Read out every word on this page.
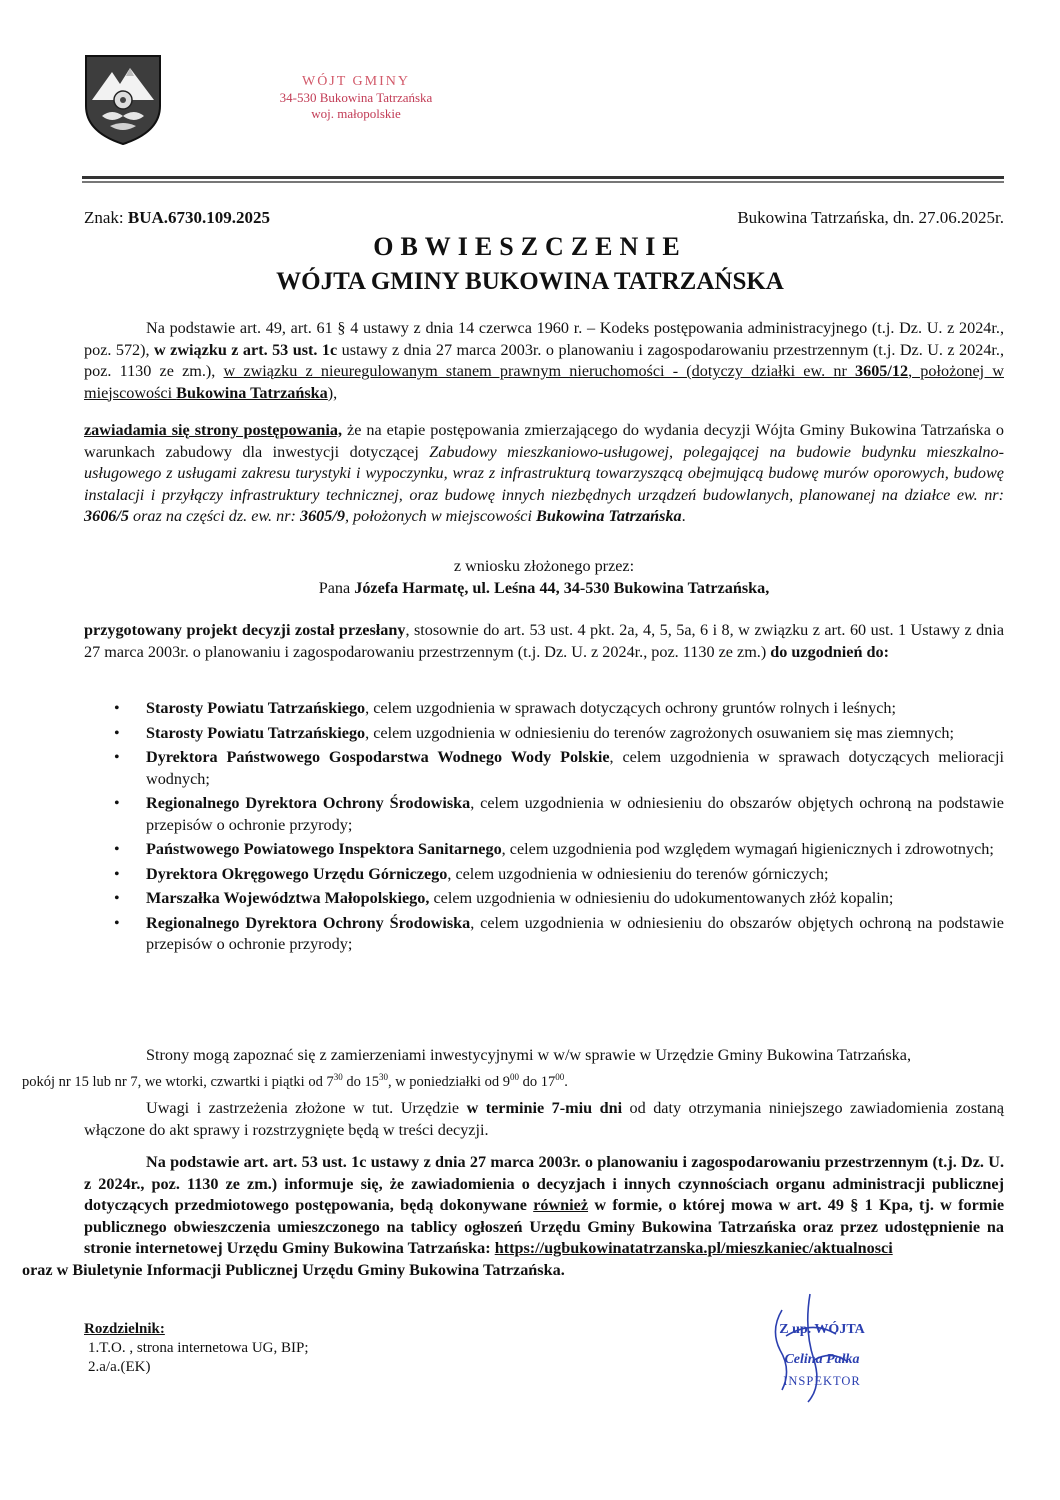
WÓJT GMINY
34-530 Bukowina Tatrzańska
woj. małopolskie
Znak: BUA.6730.109.2025	Bukowina Tatrzańska, dn. 27.06.2025r.
OBWIESZCZENIE
WÓJTA GMINY BUKOWINA TATRZAŃSKA
Na podstawie art. 49, art. 61 § 4 ustawy z dnia 14 czerwca 1960 r. – Kodeks postępowania administracyjnego (t.j. Dz. U. z 2024r., poz. 572), w związku z art. 53 ust. 1c ustawy z dnia 27 marca 2003r. o planowaniu i zagospodarowaniu przestrzennym (t.j. Dz. U. z 2024r., poz. 1130 ze zm.), w związku z nieuregulowanym stanem prawnym nieruchomości - (dotyczy działki ew. nr 3605/12, położonej w miejscowości Bukowina Tatrzańska),
zawiadamia się strony postępowania, że na etapie postępowania zmierzającego do wydania decyzji Wójta Gminy Bukowina Tatrzańska o warunkach zabudowy dla inwestycji dotyczącej Zabudowy mieszkaniowo-usługowej, polegającej na budowie budynku mieszkalno-usługowego z usługami zakresu turystyki i wypoczynku, wraz z infrastrukturą towarzyszącą obejmującą budowę murów oporowych, budowę instalacji i przyłączy infrastruktury technicznej, oraz budowę innych niezbędnych urządzeń budowlanych, planowanej na działce ew. nr: 3606/5 oraz na części dz. ew. nr: 3605/9, położonych w miejscowości Bukowina Tatrzańska.
z wniosku złożonego przez:
Pana Józefa Harmatę, ul. Leśna 44, 34-530 Bukowina Tatrzańska,
przygotowany projekt decyzji został przesłany, stosownie do art. 53 ust. 4 pkt. 2a, 4, 5, 5a, 6 i 8, w związku z art. 60 ust. 1 Ustawy z dnia 27 marca 2003r. o planowaniu i zagospodarowaniu przestrzennym (t.j. Dz. U. z 2024r., poz. 1130 ze zm.) do uzgodnień do:
• Starosty Powiatu Tatrzańskiego, celem uzgodnienia w sprawach dotyczących ochrony gruntów rolnych i leśnych;
• Starosty Powiatu Tatrzańskiego, celem uzgodnienia w odniesieniu do terenów zagrożonych osuwaniem się mas ziemnych;
• Dyrektora Państwowego Gospodarstwa Wodnego Wody Polskie, celem uzgodnienia w sprawach dotyczących melioracji wodnych;
• Regionalnego Dyrektora Ochrony Środowiska, celem uzgodnienia w odniesieniu do obszarów objętych ochroną na podstawie przepisów o ochronie przyrody;
• Państwowego Powiatowego Inspektora Sanitarnego, celem uzgodnienia pod względem wymagań higienicznych i zdrowotnych;
• Dyrektora Okręgowego Urzędu Górniczego, celem uzgodnienia w odniesieniu do terenów górniczych;
• Marszałka Województwa Małopolskiego, celem uzgodnienia w odniesieniu do udokumentowanych złóż kopalin;
• Regionalnego Dyrektora Ochrony Środowiska, celem uzgodnienia w odniesieniu do obszarów objętych ochroną na podstawie przepisów o ochronie przyrody;
Strony mogą zapoznać się z zamierzeniami inwestycyjnymi w w/w sprawie w Urzędzie Gminy Bukowina Tatrzańska,
pokój nr 15 lub nr 7, we wtorki, czwartki i piątki od $7^{30}$ do $15^{30}$, w poniedziałki od $9^{00}$ do $17^{00}$.
Uwagi i zastrzeżenia złożone w tut. Urzędzie w terminie 7-miu dni od daty otrzymania niniejszego zawiadomienia zostaną włączone do akt sprawy i rozstrzygnięte będą w treści decyzji.
Na podstawie art. art. 53 ust. 1c ustawy z dnia 27 marca 2003r. o planowaniu i zagospodarowaniu przestrzennym (t.j. Dz. U. z 2024r., poz. 1130 ze zm.) informuje się, że zawiadomienia o decyzjach i innych czynnościach organu administracji publicznej dotyczących przedmiotowego postępowania, będą dokonywane również w formie, o której mowa w art. 49 § 1 Kpa, tj. w formie publicznego obwieszczenia umieszczonego na tablicy ogłoszeń Urzędu Gminy Bukowina Tatrzańska oraz przez udostępnienie na stronie internetowej Urzędu Gminy Bukowina Tatrzańska: https://ugbukowinatatrzanska.pl/mieszkaniec/aktualnosci
oraz w Biuletynie Informacji Publicznej Urzędu Gminy Bukowina Tatrzańska.
Rozdzielnik:
1.T.O. , strona internetowa UG, BIP;
2.a/a.(EK)
Z up. WÓJTA
Celina Pałka
INSPEKTOR
